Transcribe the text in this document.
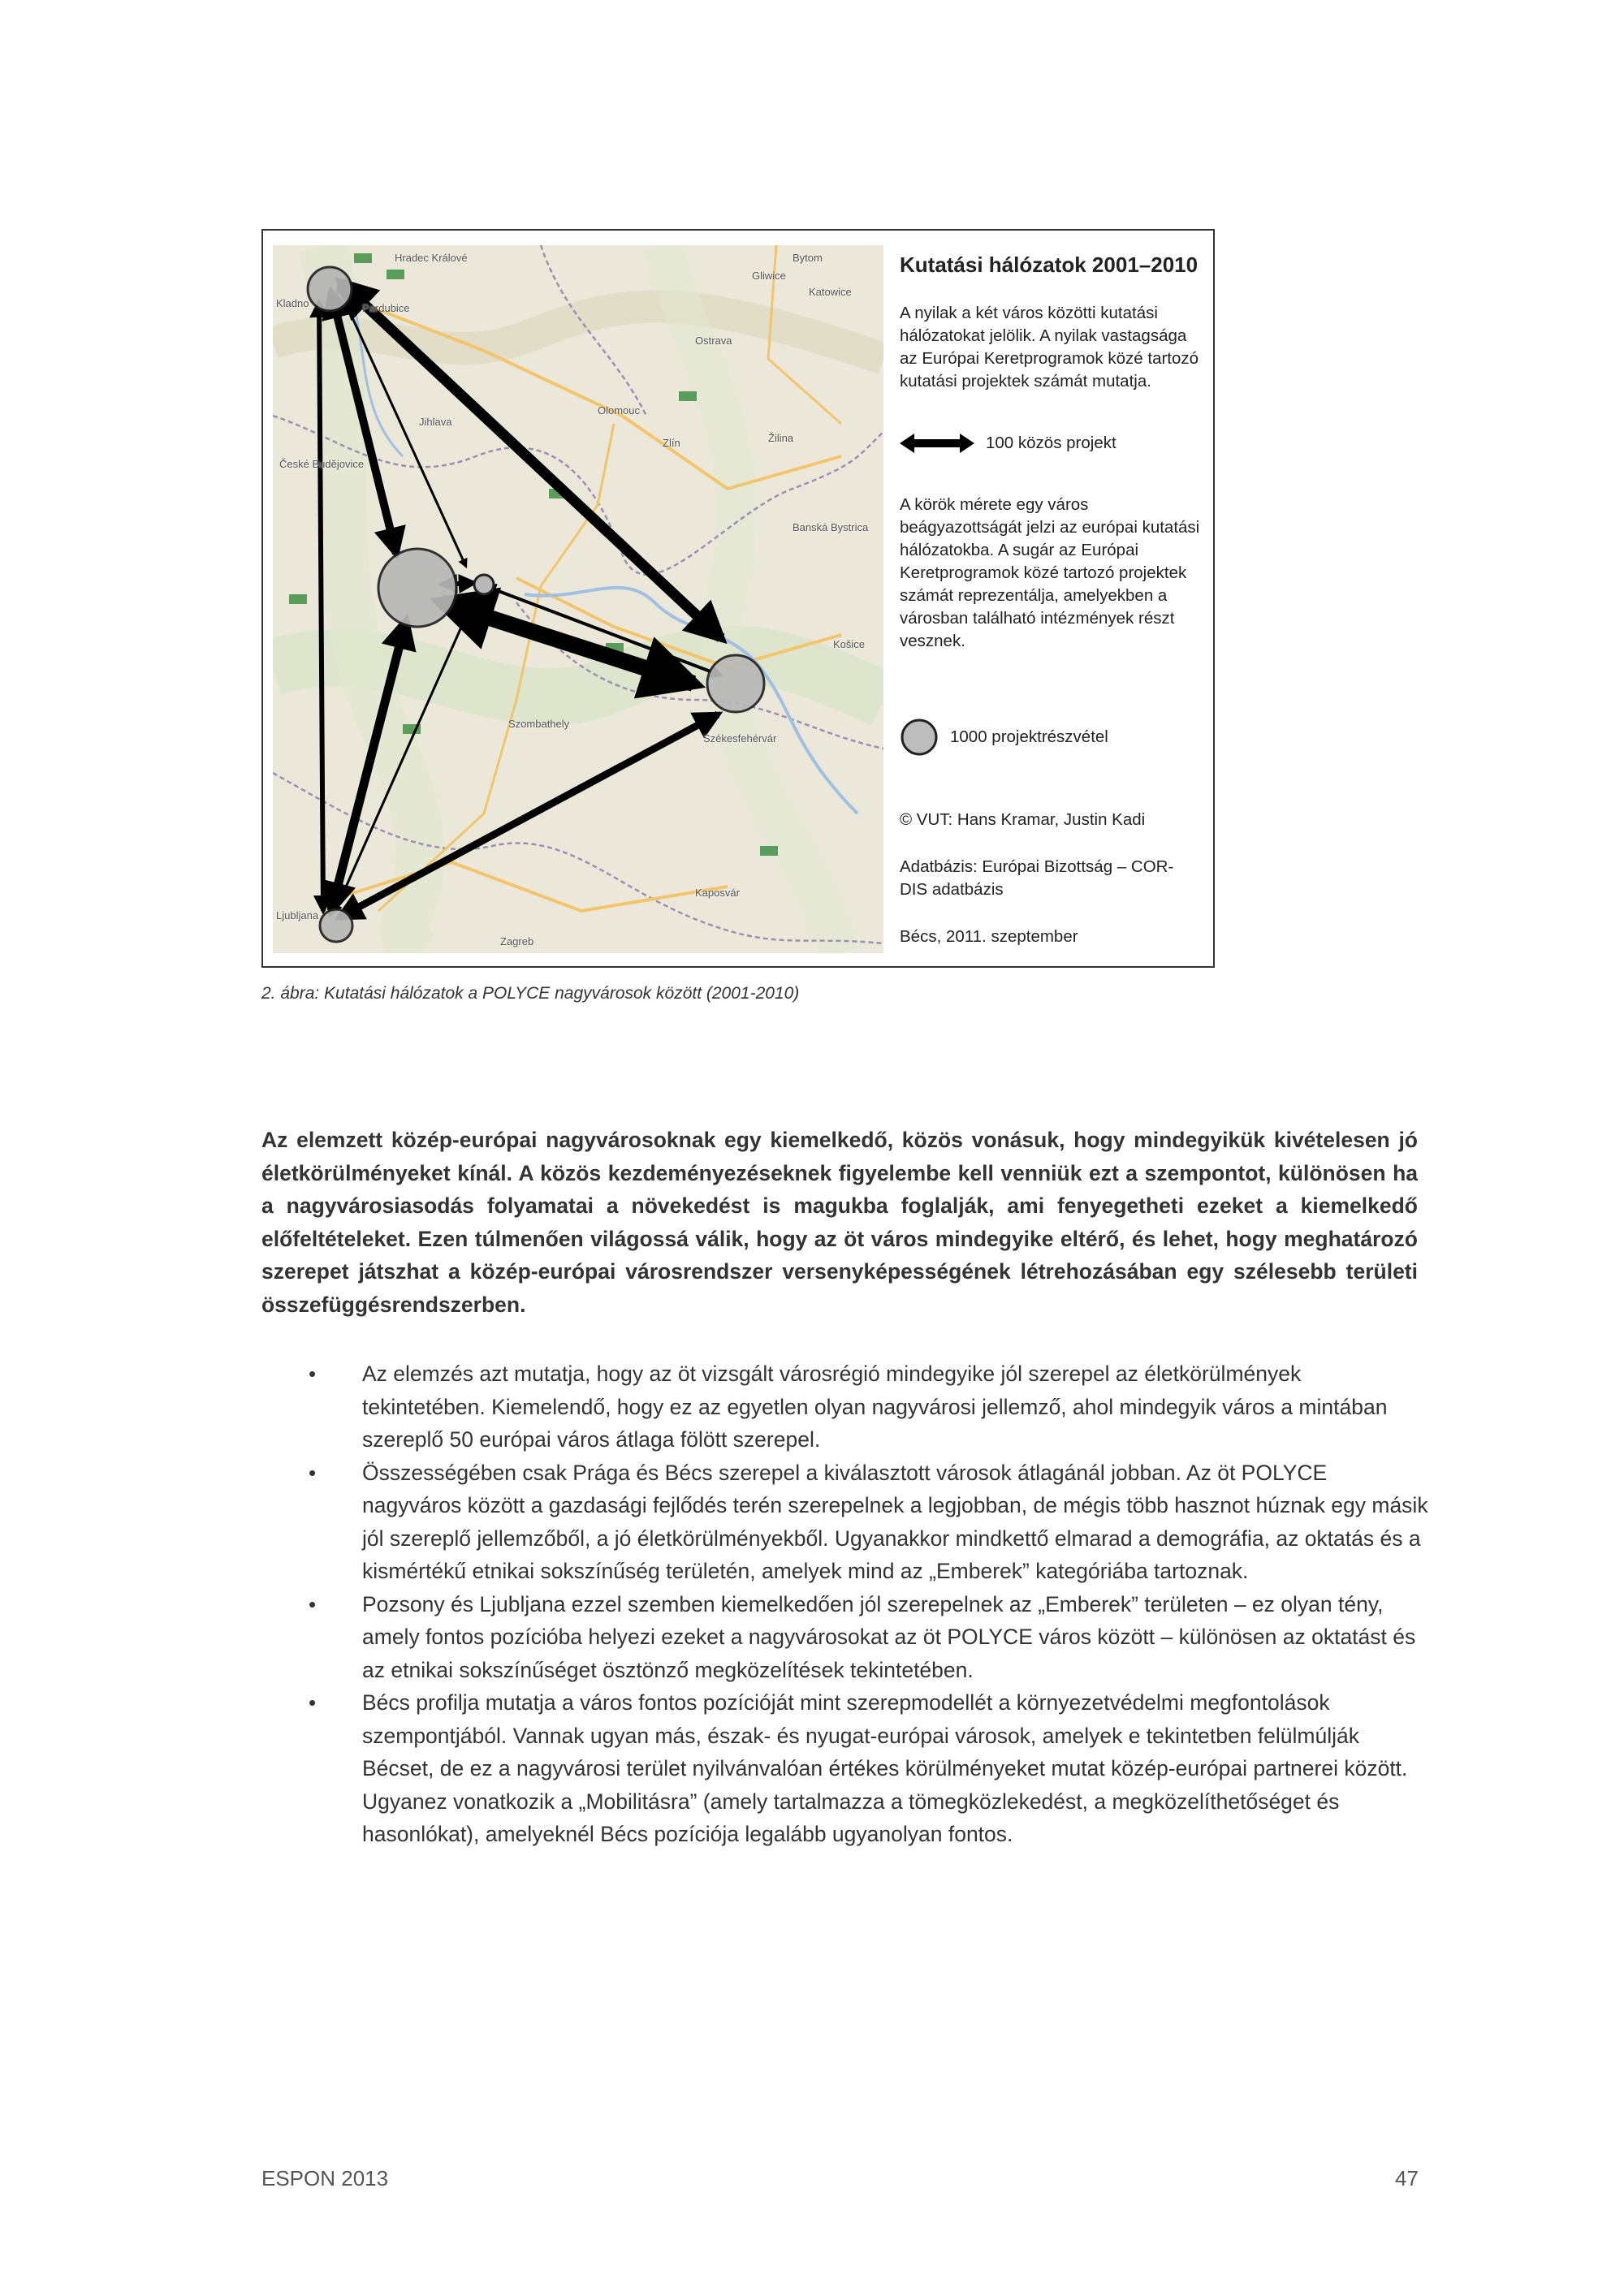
Hradec Králové
Pardubice
Kladno
Olomouc
Ostrava
Katowice
Bytom
Gliwice
Žilina
Zlín
Jihlava
České Budějovice
Banská Bystrica
Székesfehérvár
Szombathely
Kaposvár
Zagreb
Ljubljana
Košice
Kutatási hálózatok 2001–2010

A nyilak a két város közötti kutatási hálózatokat jelölik. A nyilak vastagsága az Európai Keretprogramok közé tartozó kutatási projektek számát mutatja.

100 közös projekt

A körök mérete egy város beágyazottságát jelzi az európai kutatási hálózatokba. A sugár az Európai Keretprogramok közé tartozó projektek számát reprezentálja, amelyekben a városban található intézmények részt vesznek.

1000 projektrészvétel

© VUT: Hans Kramar, Justin Kadi

Adatbázis: Európai Bizottság – COR-DIS adatbázis

Bécs, 2011. szeptember

2. ábra: Kutatási hálózatok a POLYCE nagyvárosok között (2001-2010)

Az elemzett közép-európai nagyvárosoknak egy kiemelkedő, közös vonásuk, hogy mindegyikük kivételesen jó életkörülményeket kínál. A közös kezdeményezéseknek figyelembe kell venniük ezt a szempontot, különösen ha a nagyvárosiasodás folyamatai a növekedést is magukba foglalják, ami fenyegetheti ezeket a kiemelkedő előfeltételeket. Ezen túlmenően világossá válik, hogy az öt város mindegyike eltérő, és lehet, hogy meghatározó szerepet játszhat a közép-európai városrendszer versenyképességének létrehozásában egy szélesebb területi összefüggésrendszerben.

• Az elemzés azt mutatja, hogy az öt vizsgált városrégió mindegyike jól szerepel az életkörülmények tekintetében. Kiemelendő, hogy ez az egyetlen olyan nagyvárosi jellemző, ahol mindegyik város a mintában szereplő 50 európai város átlaga fölött szerepel.
• Összességében csak Prága és Bécs szerepel a kiválasztott városok átlagánál jobban. Az öt POLYCE nagyváros között a gazdasági fejlődés terén szerepelnek a legjobban, de mégis több hasznot húznak egy másik jól szereplő jellemzőből, a jó életkörülményekből. Ugyanakkor mindkettő elmarad a demográfia, az oktatás és a kismértékű etnikai sokszínűség területén, amelyek mind az „Emberek” kategóriába tartoznak.
• Pozsony és Ljubljana ezzel szemben kiemelkedően jól szerepelnek az „Emberek” területen – ez olyan tény, amely fontos pozícióba helyezi ezeket a nagyvárosokat az öt POLYCE város között – különösen az oktatást és az etnikai sokszínűséget ösztönző megközelítések tekintetében.
• Bécs profilja mutatja a város fontos pozícióját mint szerepmodellét a környezetvédelmi megfontolások szempontjából. Vannak ugyan más, észak- és nyugat-európai városok, amelyek e tekintetben felülmúlják Bécset, de ez a nagyvárosi terület nyilvánvalóan értékes körülményeket mutat közép-európai partnerei között. Ugyanez vonatkozik a „Mobilitásra” (amely tartalmazza a tömegközlekedést, a megközelíthetőséget és hasonlókat), amelyeknél Bécs pozíciója legalább ugyanolyan fontos.
ESPON 2013	47
